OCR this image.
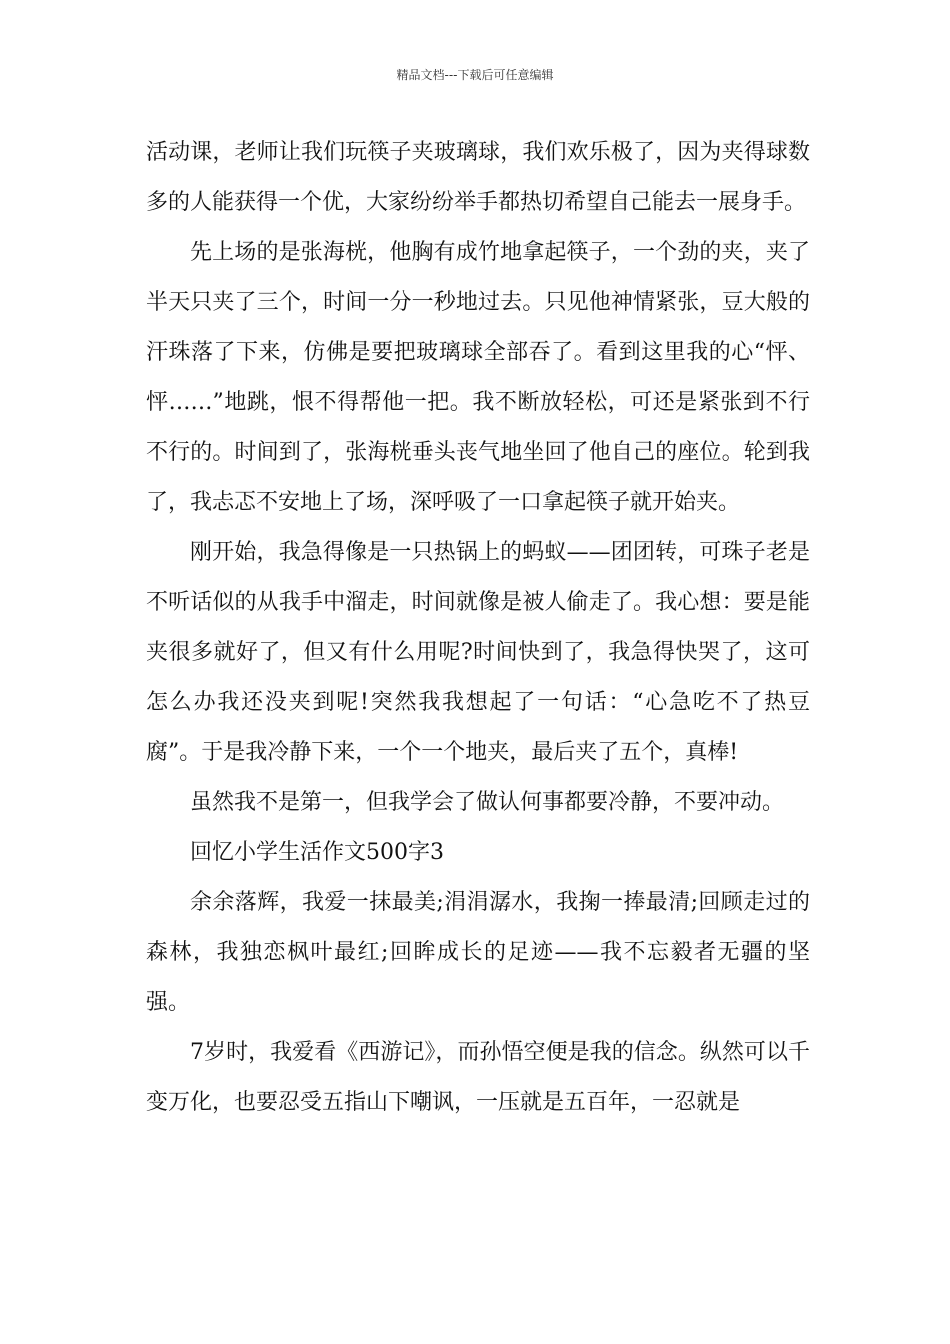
精品文档---下载后可任意编辑

活动课，老师让我们玩筷子夹玻璃球，我们欢乐极了，因为夹得球数多的人能获得一个优，大家纷纷举手都热切希望自己能去一展身手。

先上场的是张海桄，他胸有成竹地拿起筷子，一个劲的夹，夹了半天只夹了三个，时间一分一秒地过去。只见他神情紧张，豆大般的汗珠落了下来，仿佛是要把玻璃球全部吞了。看到这里我的心“怦、怦……”地跳，恨不得帮他一把。我不断放轻松，可还是紧张到不行不行的。时间到了，张海桄垂头丧气地坐回了他自己的座位。轮到我了，我忐忑不安地上了场，深呼吸了一口拿起筷子就开始夹。

刚开始，我急得像是一只热锅上的蚂蚁——团团转，可珠子老是不听话似的从我手中溜走，时间就像是被人偷走了。我心想：要是能夹很多就好了，但又有什么用呢?时间快到了，我急得快哭了，这可怎么办我还没夹到呢!突然我我想起了一句话：“心急吃不了热豆腐”。于是我冷静下来，一个一个地夹，最后夹了五个，真棒!

虽然我不是第一，但我学会了做认何事都要冷静，不要冲动。

回忆小学生活作文500字3

余余落辉，我爱一抹最美;涓涓潺水，我掬一捧最清;回顾走过的森林，我独恋枫叶最红;回眸成长的足迹——我不忘毅者无疆的坚强。

7岁时，我爱看《西游记》，而孙悟空便是我的信念。纵然可以千变万化，也要忍受五指山下嘲讽，一压就是五百年，一忍就是
